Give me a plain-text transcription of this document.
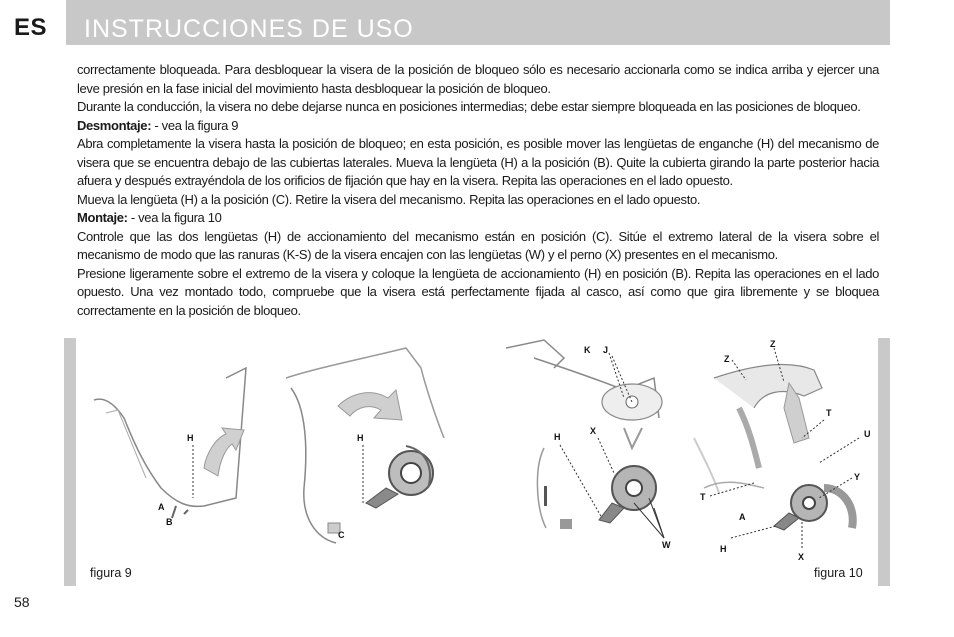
ES INSTRUCCIONES DE USO

correctamente bloqueada. Para desbloquear la visera de la posición de bloqueo sólo es necesario accionarla como se indica arriba y ejercer una leve presión en la fase inicial del movimiento hasta desbloquear la posición de bloqueo.

Durante la conducción, la visera no debe dejarse nunca en posiciones intermedias; debe estar siempre bloqueada en las posiciones de bloqueo.

Desmontaje: - vea la figura 9

Abra completamente la visera hasta la posición de bloqueo; en esta posición, es posible mover las lengüetas de enganche (H) del mecanismo de visera que se encuentra debajo de las cubiertas laterales. Mueva la lengüeta (H) a la posición (B). Quite la cubierta girando la parte posterior hacia afuera y después extrayéndola de los orificios de fijación que hay en la visera. Repita las operaciones en el lado opuesto.

Mueva la lengüeta (H) a la posición (C). Retire la visera del mecanismo. Repita las operaciones en el lado opuesto.

Montaje: - vea la figura 10

Controle que las dos lengüetas (H) de accionamiento del mecanismo están en posición (C). Sitúe el extremo lateral de la visera sobre el mecanismo de modo que las ranuras (K-S) de la visera encajen con las lengüetas (W) y el perno (X) presentes en el mecanismo.

Presione ligeramente sobre el extremo de la visera y coloque la lengüeta de accionamiento (H) en posición (B). Repita las operaciones en el lado opuesto. Una vez montado todo, compruebe que la visera está perfectamente fijada al casco, así como que gira libremente y se bloquea correctamente en la posición de bloqueo.

A
B
H
C
H
figura 9
K J
H
X
W
A
Z
Z
T
U
Y
T
H
X
figura 10
58
